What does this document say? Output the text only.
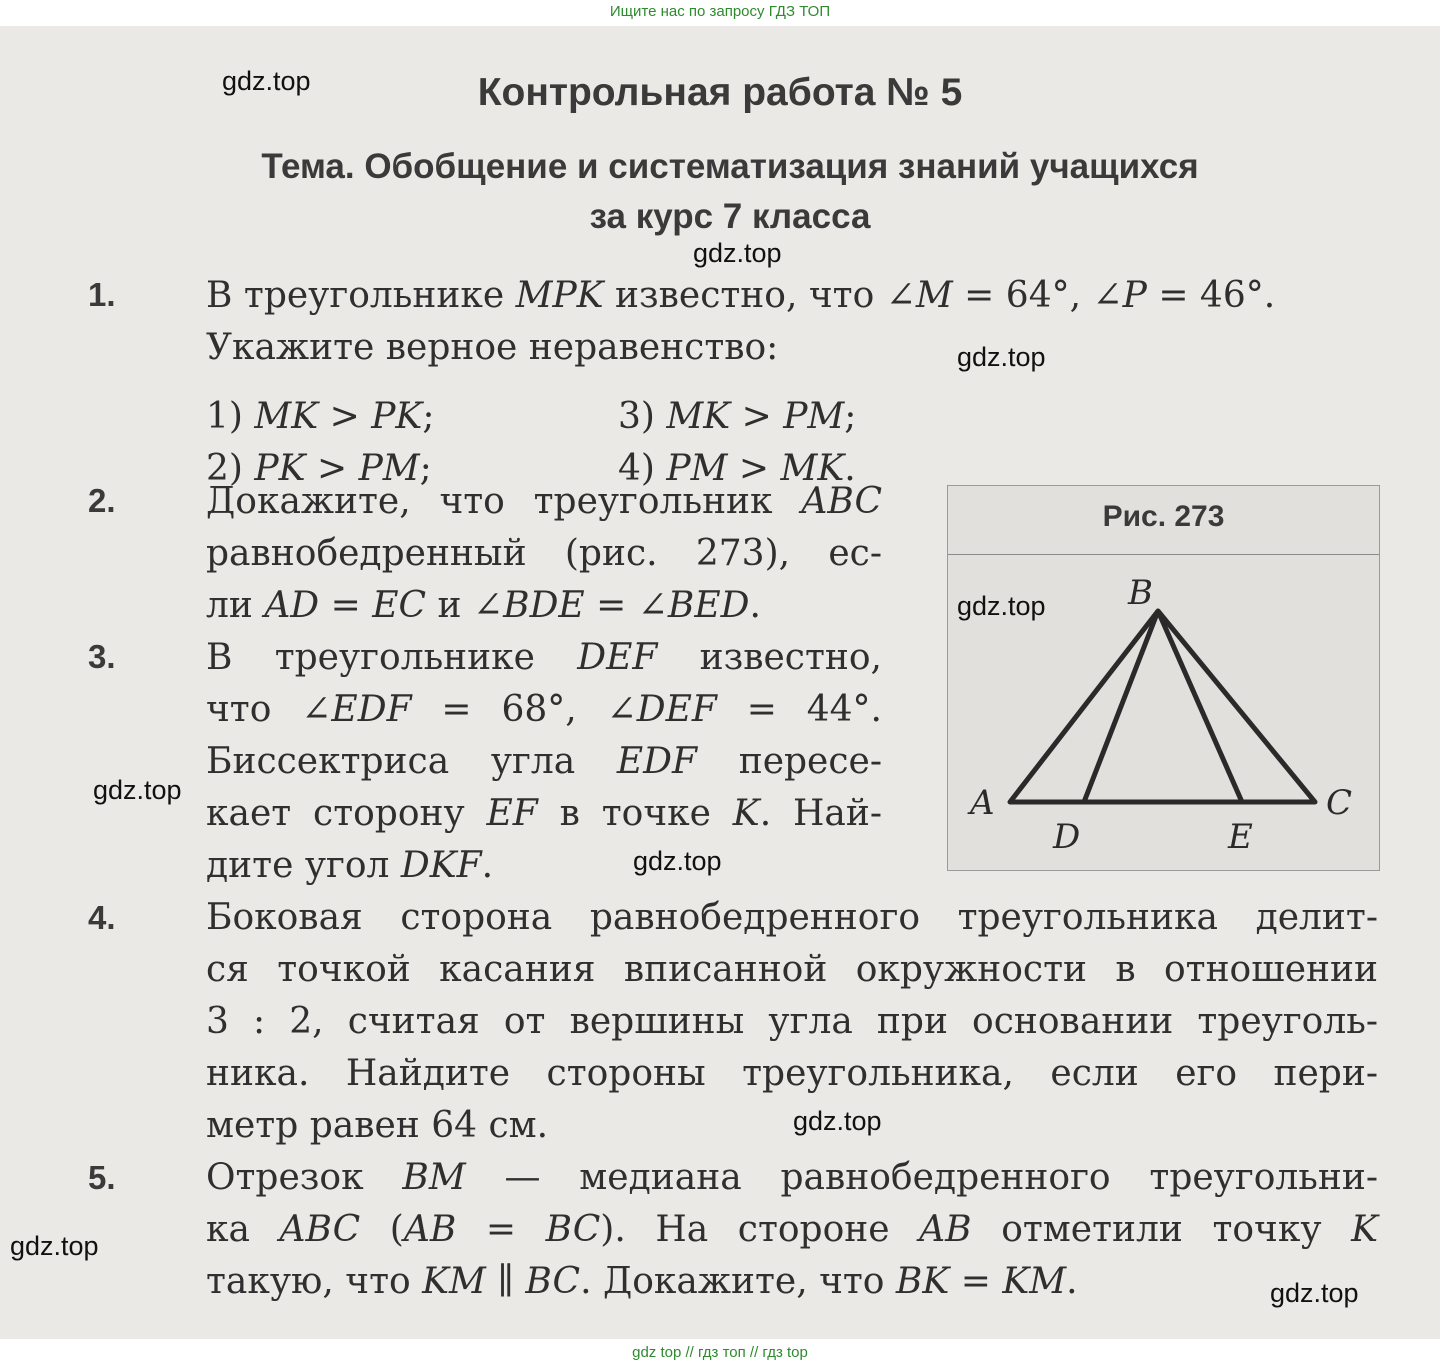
Ищите нас по запросу ГДЗ ТОП
Контрольная работа № 5
Тема. Обобщение и систематизация знаний учащихся
за курс 7 класса
1.	В треугольнике MPK известно, что ∠M = 64°, ∠P = 46°.
Укажите верное неравенство:
1) MK > PK;	3) MK > PM;
2) PK > PM;	4) PM > MK.
2.	Докажите, что треугольник ABC
равнобедренный (рис. 273), ес-
ли AD = EC и ∠BDE = ∠BED.
3.	В треугольнике DEF известно,
что ∠EDF = 68°, ∠DEF = 44°.
Биссектриса угла EDF пересе-
кает сторону EF в точке K. Най-
дите угол DKF.
Рис. 273
B
A	C
D	E
4.	Боковая сторона равнобедренного треугольника делит-
ся точкой касания вписанной окружности в отношении
3 : 2, считая от вершины угла при основании треуголь-
ника. Найдите стороны треугольника, если его пери-
метр равен 64 см.
5.	Отрезок BM — медиана равнобедренного треугольни-
ка ABC (AB = BC). На стороне AB отметили точку K
такую, что KM ∥ BC. Докажите, что BK = KM.
gdz.top
gdz.top
gdz.top
gdz.top
gdz.top
gdz.top
gdz.top
gdz.top
gdz.top
gdz top // гдз топ // гдз top
